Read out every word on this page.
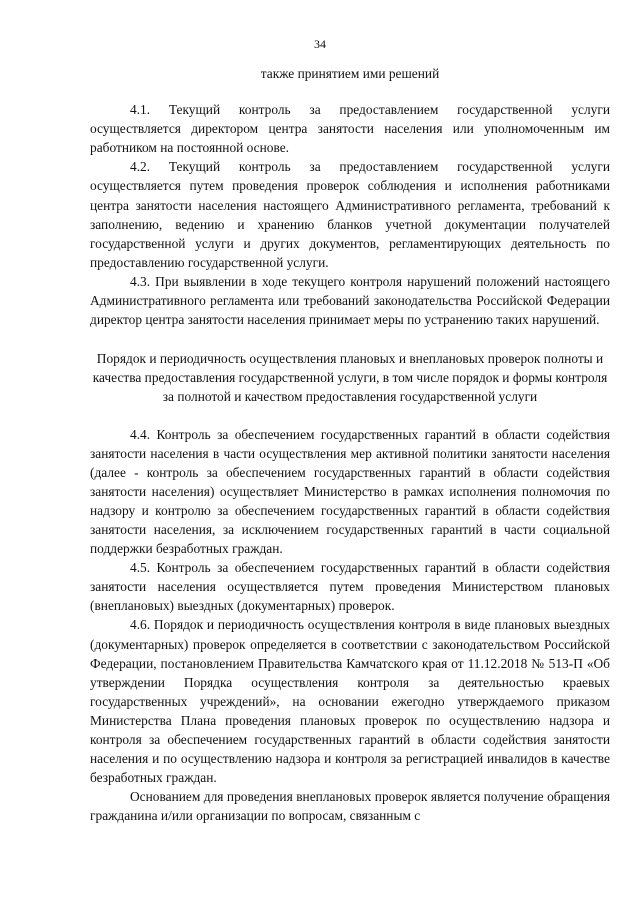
34

также принятием ими решений

4.1. Текущий контроль за предоставлением государственной услуги осуществляется директором центра занятости населения или уполномоченным им работником на постоянной основе.

4.2. Текущий контроль за предоставлением государственной услуги осуществляется путем проведения проверок соблюдения и исполнения работниками центра занятости населения настоящего Административного регламента, требований к заполнению, ведению и хранению бланков учетной документации получателей государственной услуги и других документов, регламентирующих деятельность по предоставлению государственной услуги.

4.3. При выявлении в ходе текущего контроля нарушений положений настоящего Административного регламента или требований законодательства Российской Федерации директор центра занятости населения принимает меры по устранению таких нарушений.

Порядок и периодичность осуществления плановых и внеплановых проверок полноты и качества предоставления государственной услуги, в том числе порядок и формы контроля за полнотой и качеством предоставления государственной услуги

4.4. Контроль за обеспечением государственных гарантий в области содействия занятости населения в части осуществления мер активной политики занятости населения (далее - контроль за обеспечением государственных гарантий в области содействия занятости населения) осуществляет Министерство в рамках исполнения полномочия по надзору и контролю за обеспечением государственных гарантий в области содействия занятости населения, за исключением государственных гарантий в части социальной поддержки безработных граждан.

4.5. Контроль за обеспечением государственных гарантий в области содействия занятости населения осуществляется путем проведения Министерством плановых (внеплановых) выездных (документарных) проверок.

4.6. Порядок и периодичность осуществления контроля в виде плановых выездных (документарных) проверок определяется в соответствии с законодательством Российской Федерации, постановлением Правительства Камчатского края от 11.12.2018 № 513-П «Об утверждении Порядка осуществления контроля за деятельностью краевых государственных учреждений», на основании ежегодно утверждаемого приказом Министерства Плана проведения плановых проверок по осуществлению надзора и контроля за обеспечением государственных гарантий в области содействия занятости населения и по осуществлению надзора и контроля за регистрацией инвалидов в качестве безработных граждан.

Основанием для проведения внеплановых проверок является получение обращения гражданина и/или организации по вопросам, связанным с
